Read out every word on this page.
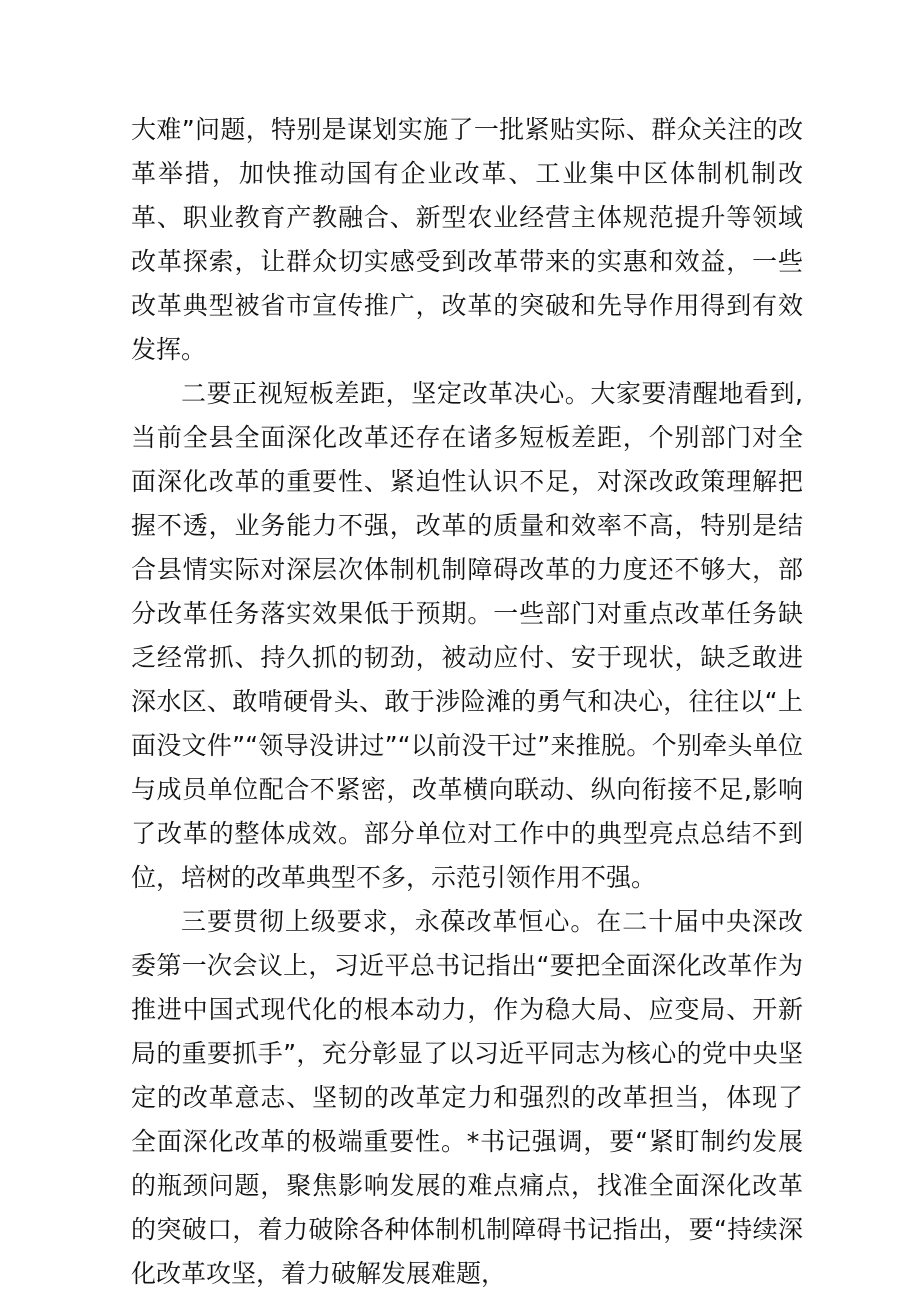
大难”问题，特别是谋划实施了一批紧贴实际、群众关注的改革举措，加快推动国有企业改革、工业集中区体制机制改革、职业教育产教融合、新型农业经营主体规范提升等领域改革探索，让群众切实感受到改革带来的实惠和效益，一些改革典型被省市宣传推广，改革的突破和先导作用得到有效发挥。

二要正视短板差距，坚定改革决心。大家要清醒地看到,当前全县全面深化改革还存在诸多短板差距，个别部门对全面深化改革的重要性、紧迫性认识不足，对深改政策理解把握不透，业务能力不强，改革的质量和效率不高，特别是结合县情实际对深层次体制机制障碍改革的力度还不够大，部分改革任务落实效果低于预期。一些部门对重点改革任务缺乏经常抓、持久抓的韧劲，被动应付、安于现状，缺乏敢进深水区、敢啃硬骨头、敢于涉险滩的勇气和决心，往往以“上面没文件”“领导没讲过”“以前没干过”来推脱。个别牵头单位与成员单位配合不紧密，改革横向联动、纵向衔接不足,影响了改革的整体成效。部分单位对工作中的典型亮点总结不到位，培树的改革典型不多，示范引领作用不强。

三要贯彻上级要求，永葆改革恒心。在二十届中央深改委第一次会议上，习近平总书记指出“要把全面深化改革作为推进中国式现代化的根本动力，作为稳大局、应变局、开新局的重要抓手”，充分彰显了以习近平同志为核心的党中央坚定的改革意志、坚韧的改革定力和强烈的改革担当，体现了全面深化改革的极端重要性。*书记强调，要“紧盯制约发展的瓶颈问题，聚焦影响发展的难点痛点，找准全面深化改革的突破口，着力破除各种体制机制障碍书记指出，要“持续深化改革攻坚，着力破解发展难题，
